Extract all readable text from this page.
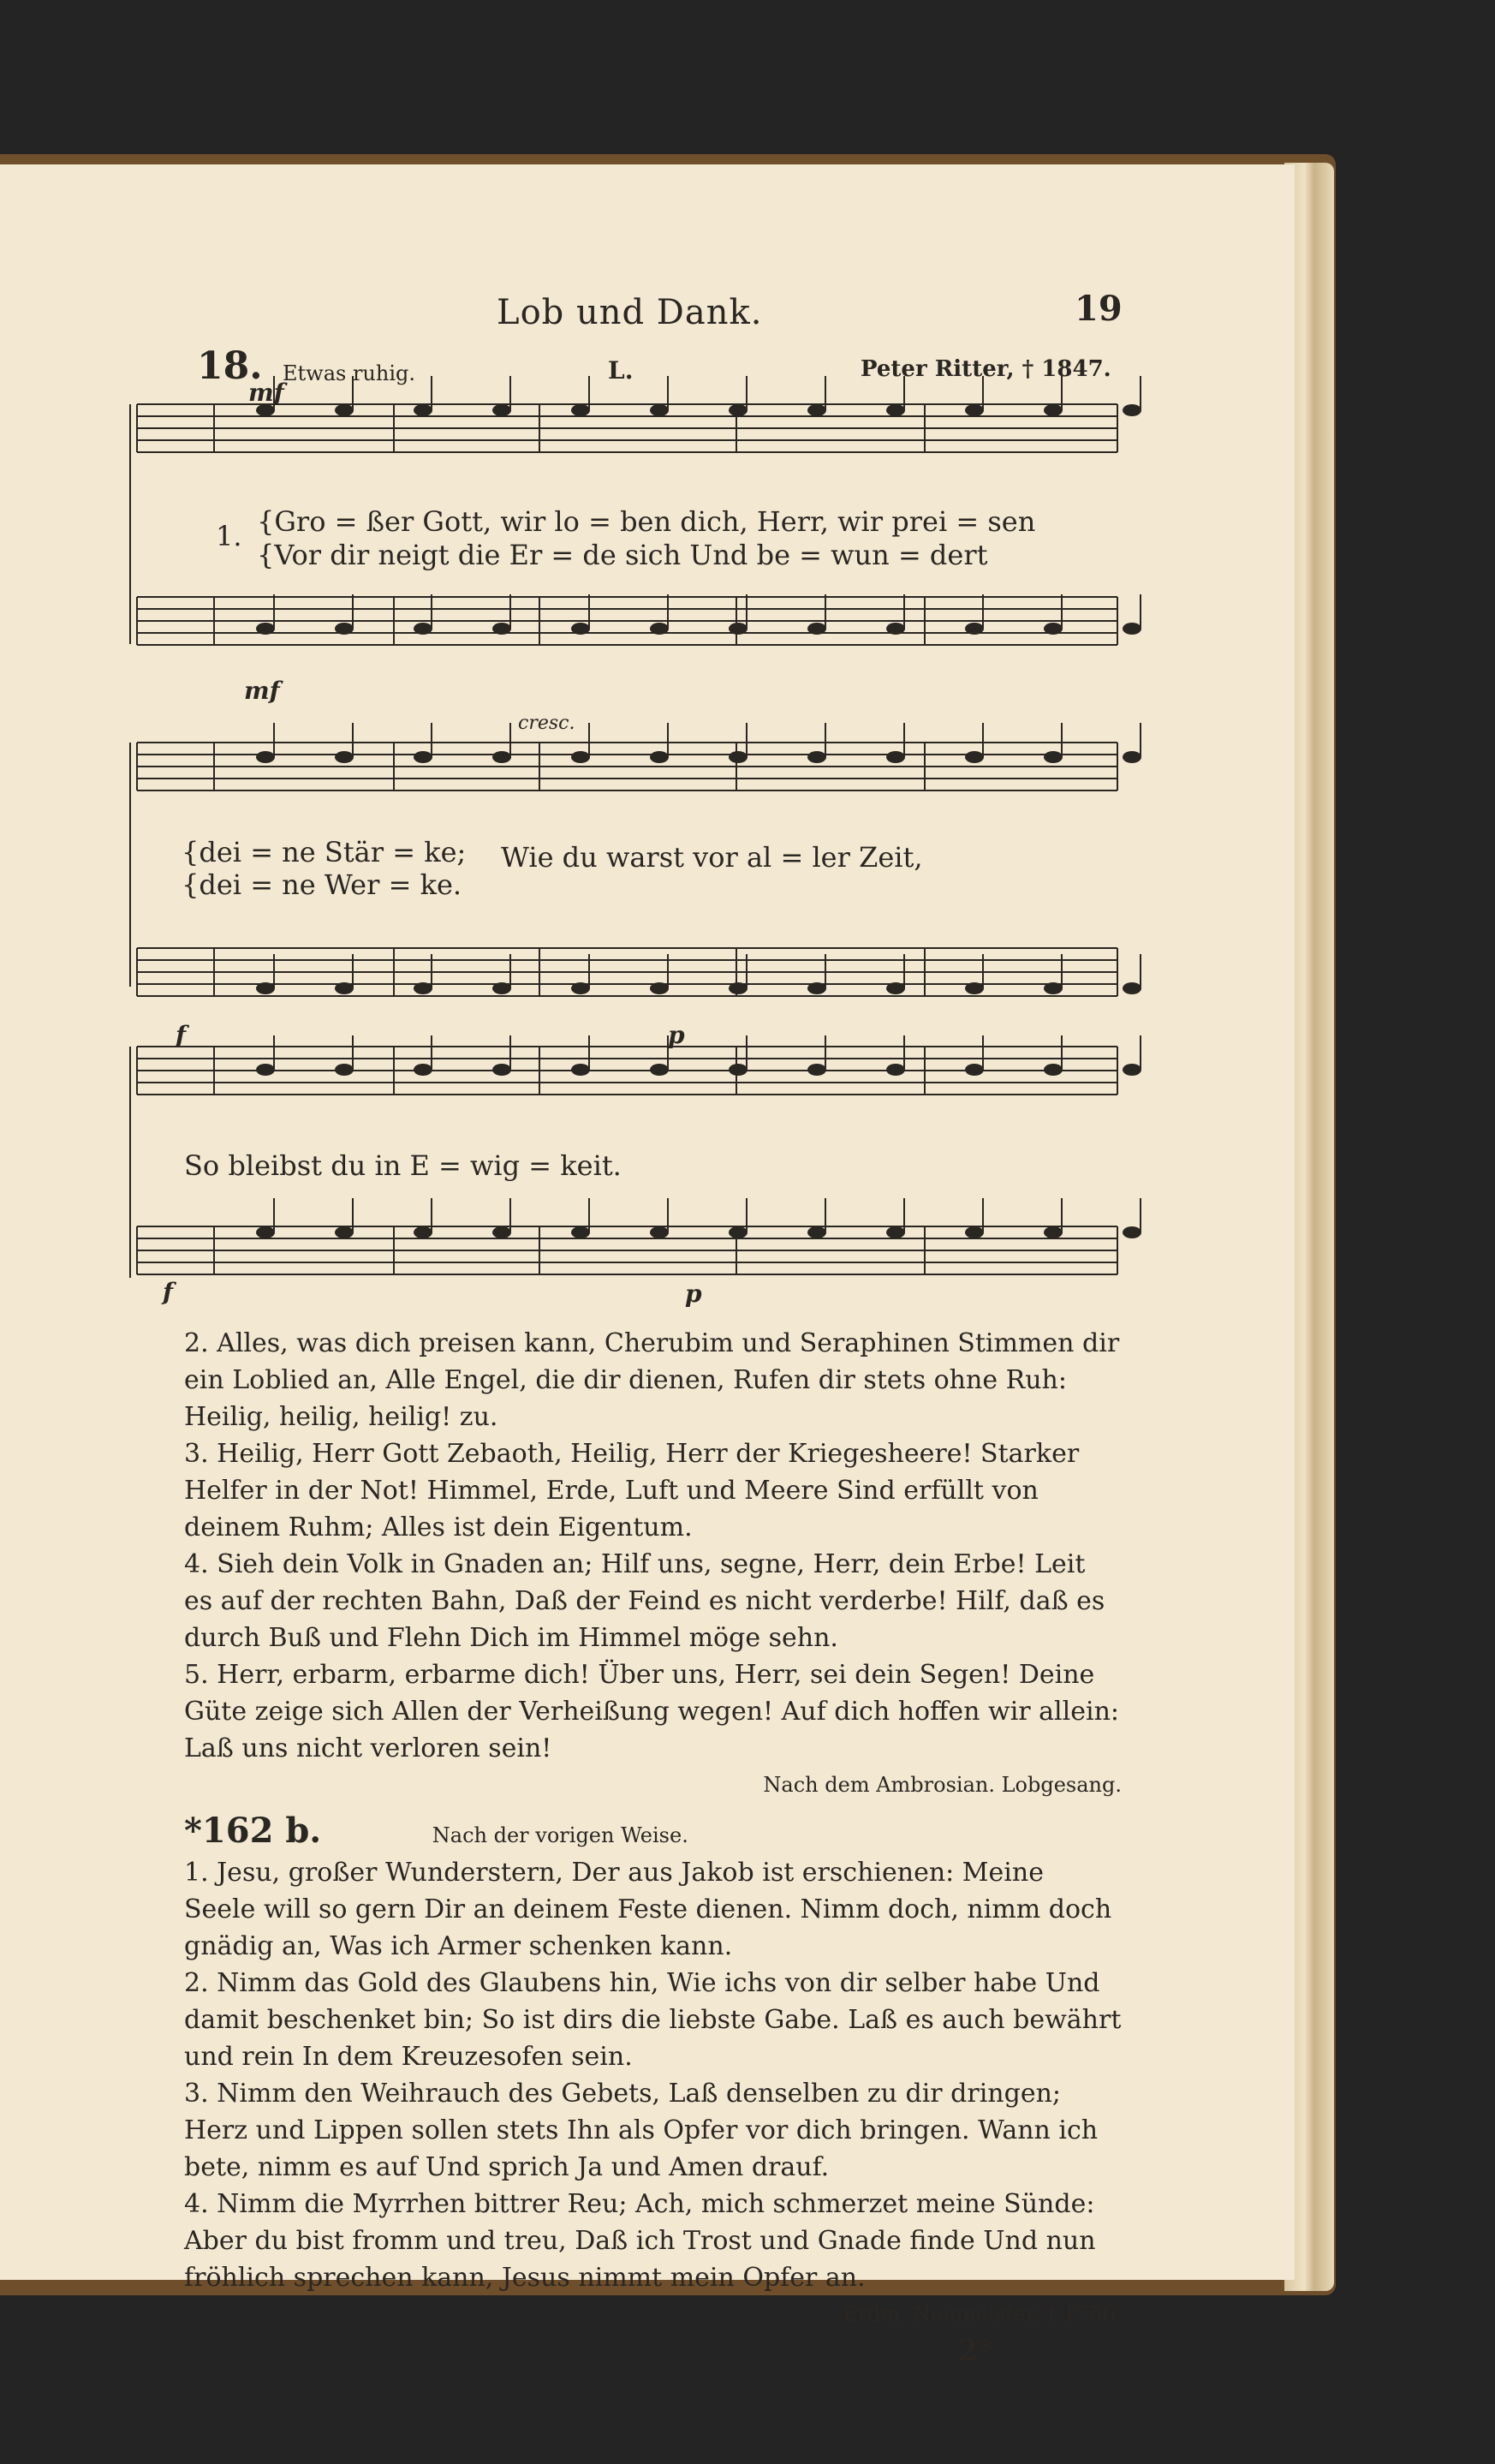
Lob und Dank.	19
18. Etwas ruhig.	L.	Peter Ritter, † 1847.
mf
mf
cresc.
f	p
f	p
1. {Gro = ßer Gott, wir lo = ben dich, Herr, wir prei = sen
{Vor dir neigt die Er = de sich Und be = wun = dert
{dei = ne Stär = ke;
{dei = ne Wer = ke.
Wie du warst vor al = ler Zeit,
So bleibst du in E = wig = keit.

2. Alles, was dich preisen kann, Cherubim und Seraphinen Stimmen dir ein Loblied an, Alle Engel, die dir dienen, Rufen dir stets ohne Ruh: Heilig, heilig, heilig! zu.

3. Heilig, Herr Gott Zebaoth, Heilig, Herr der Kriegesheere! Starker Helfer in der Not! Himmel, Erde, Luft und Meere Sind erfüllt von deinem Ruhm; Alles ist dein Eigentum.

4. Sieh dein Volk in Gnaden an; Hilf uns, segne, Herr, dein Erbe! Leit es auf der rechten Bahn, Daß der Feind es nicht verderbe! Hilf, daß es durch Buß und Flehn Dich im Himmel möge sehn.

5. Herr, erbarm, erbarme dich! Über uns, Herr, sei dein Segen! Deine Güte zeige sich Allen der Verheißung wegen! Auf dich hoffen wir allein: Laß uns nicht verloren sein!

Nach dem Ambrosian. Lobgesang.

*162 b.	Nach der vorigen Weise.

1. Jesu, großer Wunderstern, Der aus Jakob ist erschienen: Meine Seele will so gern Dir an deinem Feste dienen. Nimm doch, nimm doch gnädig an, Was ich Armer schenken kann.

2. Nimm das Gold des Glaubens hin, Wie ichs von dir selber habe Und damit beschenket bin; So ist dirs die liebste Gabe. Laß es auch bewährt und rein In dem Kreuzesofen sein.

3. Nimm den Weihrauch des Gebets, Laß denselben zu dir dringen; Herz und Lippen sollen stets Ihn als Opfer vor dich bringen. Wann ich bete, nimm es auf Und sprich Ja und Amen drauf.

4. Nimm die Myrrhen bittrer Reu; Ach, mich schmerzet meine Sünde: Aber du bist fromm und treu, Daß ich Trost und Gnade finde Und nun fröhlich sprechen kann, Jesus nimmt mein Opfer an.

Erdm. Neumeister, † 1756.

2*
